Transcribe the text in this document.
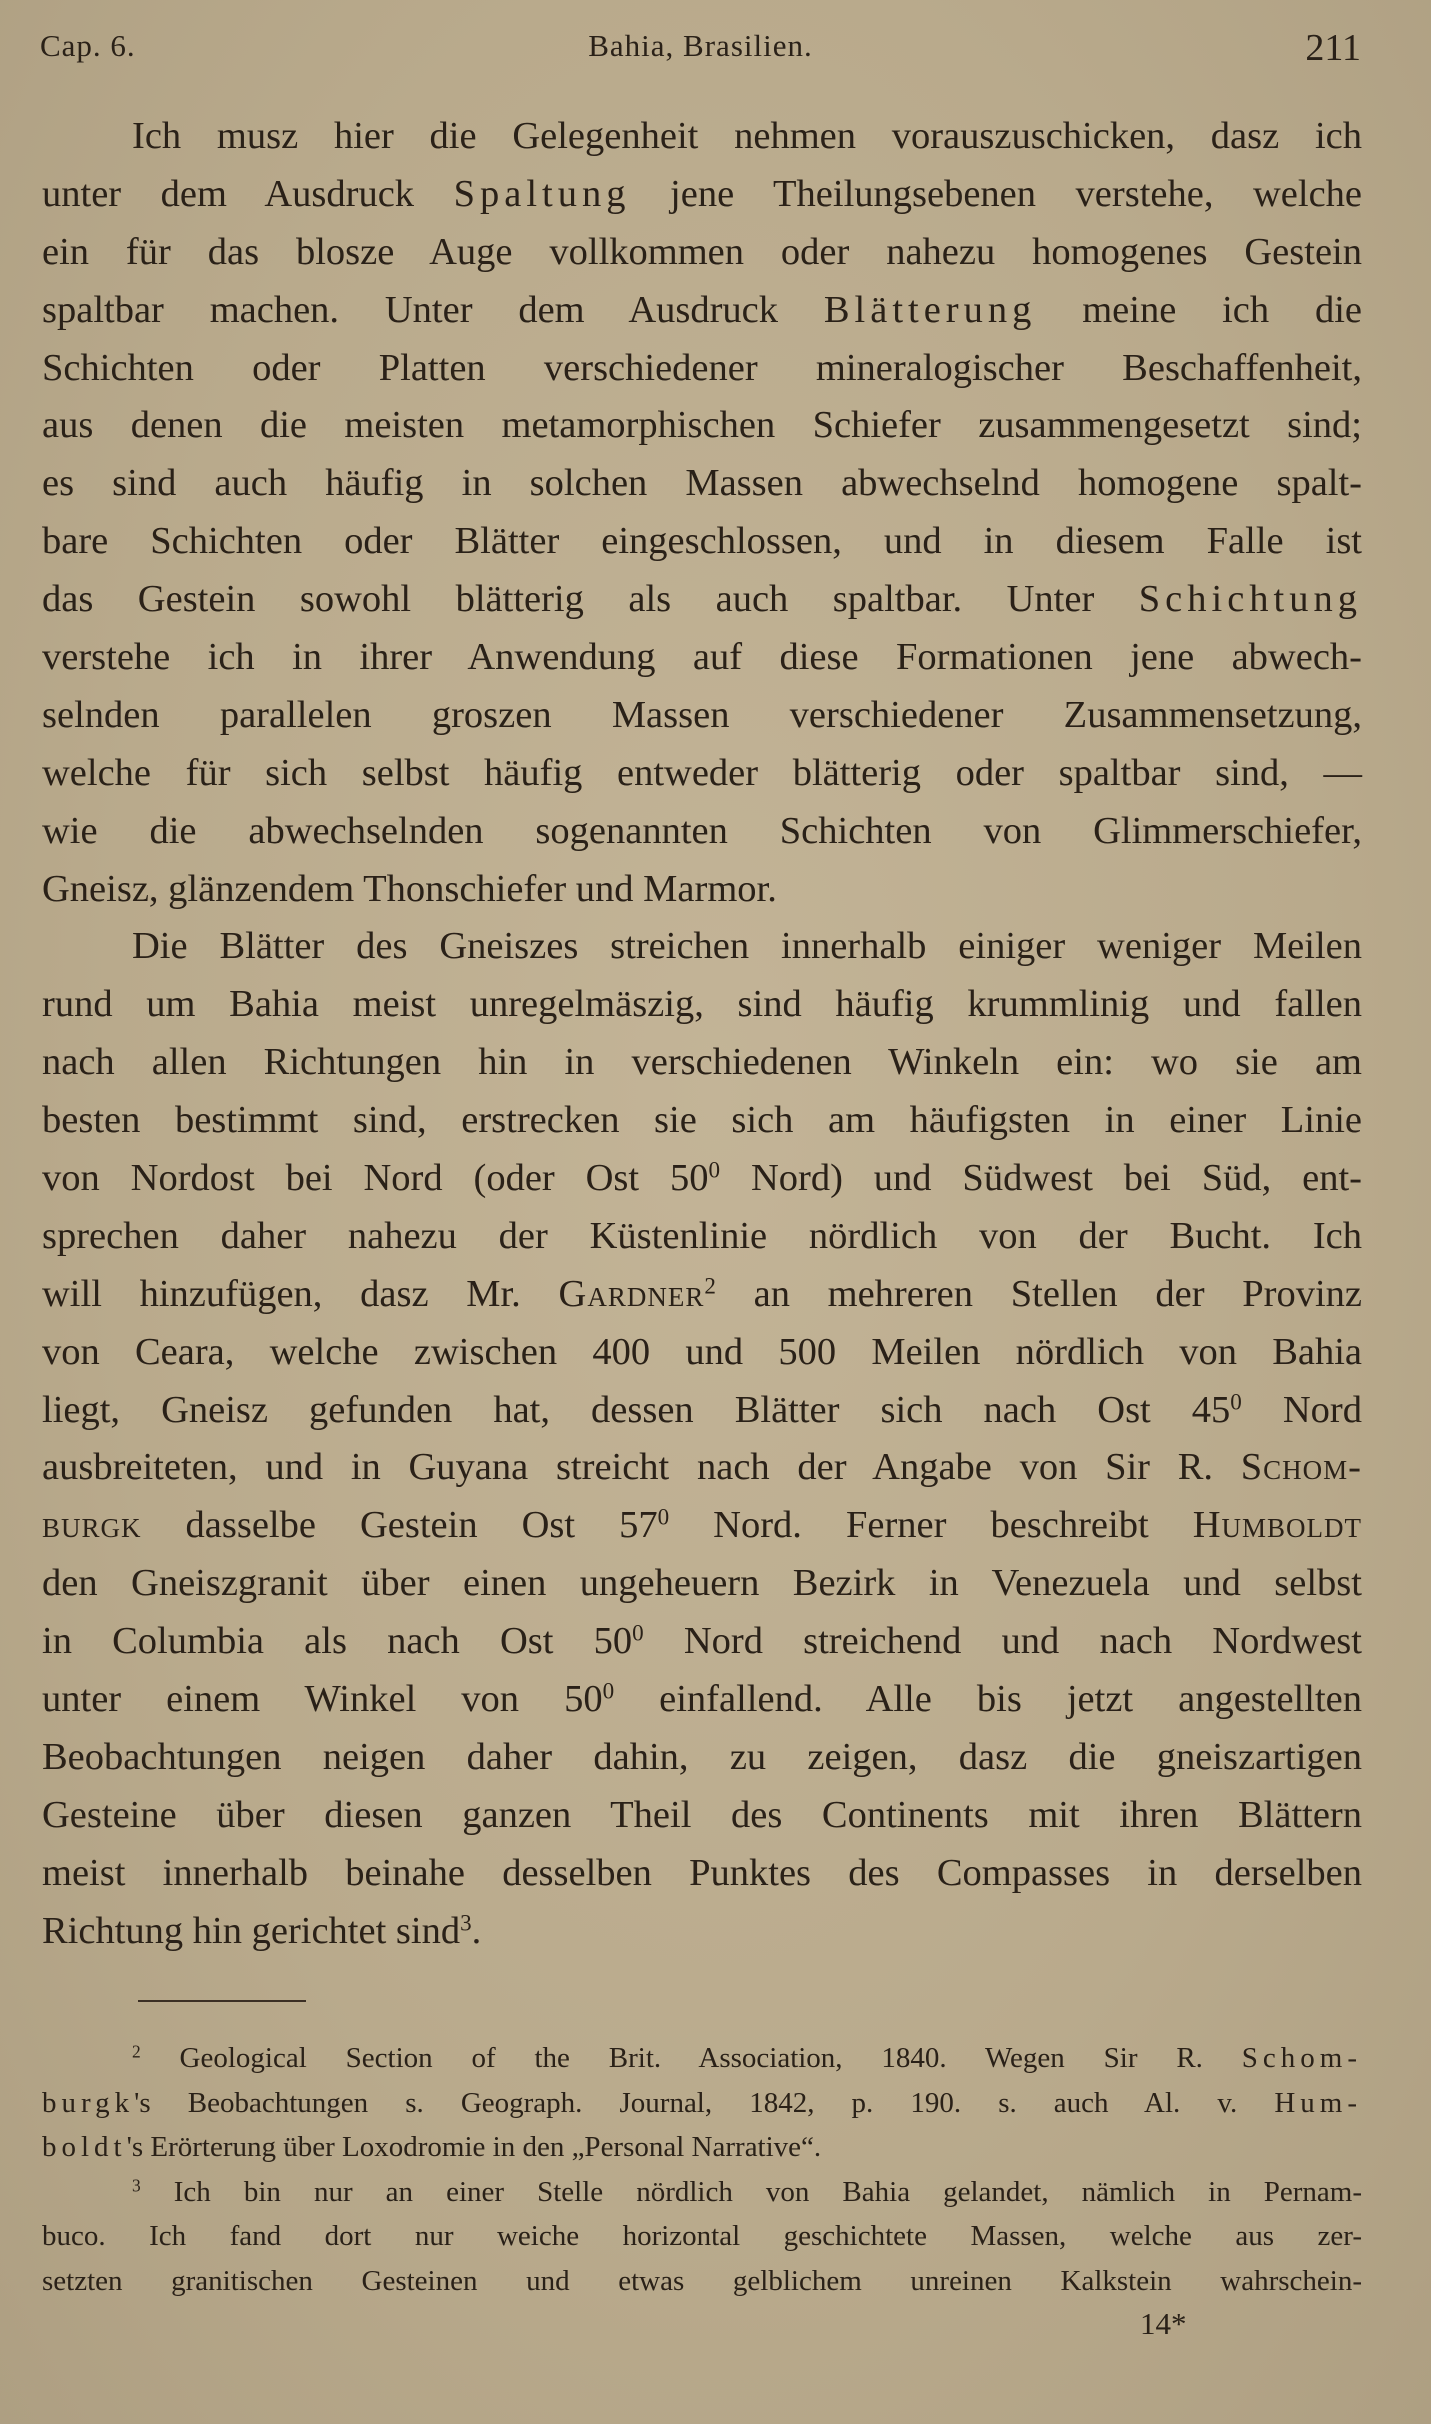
Cap. 6.	Bahia, Brasilien.	211
Ich musz hier die Gelegenheit nehmen vorauszuschicken, dasz ich
unter dem Ausdruck Spaltung jene Theilungsebenen verstehe, welche
ein für das blosze Auge vollkommen oder nahezu homogenes Gestein
spaltbar machen. Unter dem Ausdruck Blätterung meine ich die
Schichten oder Platten verschiedener mineralogischer Beschaffenheit,
aus denen die meisten metamorphischen Schiefer zusammengesetzt sind;
es sind auch häufig in solchen Massen abwechselnd homogene spalt-
bare Schichten oder Blätter eingeschlossen, und in diesem Falle ist
das Gestein sowohl blätterig als auch spaltbar. Unter Schichtung
verstehe ich in ihrer Anwendung auf diese Formationen jene abwech-
selnden parallelen groszen Massen verschiedener Zusammensetzung,
welche für sich selbst häufig entweder blätterig oder spaltbar sind, —
wie die abwechselnden sogenannten Schichten von Glimmerschiefer,
Gneisz, glänzendem Thonschiefer und Marmor.
Die Blätter des Gneiszes streichen innerhalb einiger weniger Meilen
rund um Bahia meist unregelmäszig, sind häufig krummlinig und fallen
nach allen Richtungen hin in verschiedenen Winkeln ein: wo sie am
besten bestimmt sind, erstrecken sie sich am häufigsten in einer Linie
von Nordost bei Nord (oder Ost $50^0$ Nord) und Südwest bei Süd, ent-
sprechen daher nahezu der Küstenlinie nördlich von der Bucht. Ich
will hinzufügen, dasz Mr. Gardner$^2$ an mehreren Stellen der Provinz
von Ceara, welche zwischen 400 und 500 Meilen nördlich von Bahia
liegt, Gneisz gefunden hat, dessen Blätter sich nach Ost $45^0$ Nord
ausbreiteten, und in Guyana streicht nach der Angabe von Sir R. Schom-
burgk dasselbe Gestein Ost $57^0$ Nord. Ferner beschreibt Humboldt
den Gneiszgranit über einen ungeheuern Bezirk in Venezuela und selbst
in Columbia als nach Ost $50^0$ Nord streichend und nach Nordwest
unter einem Winkel von $50^0$ einfallend. Alle bis jetzt angestellten
Beobachtungen neigen daher dahin, zu zeigen, dasz die gneiszartigen
Gesteine über diesen ganzen Theil des Continents mit ihren Blättern
meist innerhalb beinahe desselben Punktes des Compasses in derselben
Richtung hin gerichtet sind$^3$.
$^2$ Geological Section of the Brit. Association, 1840. Wegen Sir R. Schom-
burgk's Beobachtungen s. Geograph. Journal, 1842, p. 190. s. auch Al. v. Hum-
boldt's Erörterung über Loxodromie in den „Personal Narrative“.
$^3$ Ich bin nur an einer Stelle nördlich von Bahia gelandet, nämlich in Pernam-
buco. Ich fand dort nur weiche horizontal geschichtete Massen, welche aus zer-
setzten granitischen Gesteinen und etwas gelblichem unreinen Kalkstein wahrschein-
14*
